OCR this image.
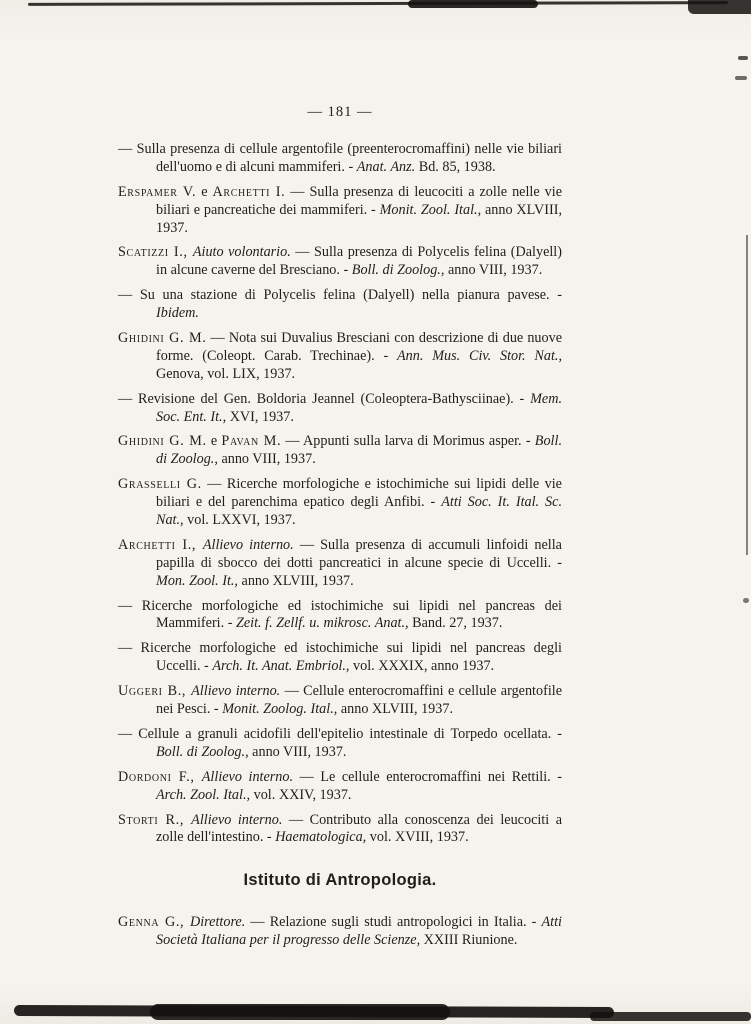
— 181 —

— Sulla presenza di cellule argentofile (preenterocromaffini) nelle vie biliari dell'uomo e di alcuni mammiferi. - Anat. Anz. Bd. 85, 1938.

Erspamer V. e Archetti I. — Sulla presenza di leucociti a zolle nelle vie biliari e pancreatiche dei mammiferi. - Monit. Zool. Ital., anno XLVIII, 1937.

Scatizzi I., Aiuto volontario. — Sulla presenza di Polycelis felina (Dalyell) in alcune caverne del Bresciano. - Boll. di Zoolog., anno VIII, 1937.

— Su una stazione di Polycelis felina (Dalyell) nella pianura pavese. - Ibidem.

Ghidini G. M. — Nota sui Duvalius Bresciani con descrizione di due nuove forme. (Coleopt. Carab. Trechinae). - Ann. Mus. Civ. Stor. Nat., Genova, vol. LIX, 1937.

— Revisione del Gen. Boldoria Jeannel (Coleoptera-Bathysciinae). - Mem. Soc. Ent. It., XVI, 1937.

Ghidini G. M. e Pavan M. — Appunti sulla larva di Morimus asper. - Boll. di Zoolog., anno VIII, 1937.

Grasselli G. — Ricerche morfologiche e istochimiche sui lipidi delle vie biliari e del parenchima epatico degli Anfibi. - Atti Soc. It. Ital. Sc. Nat., vol. LXXVI, 1937.

Archetti I., Allievo interno. — Sulla presenza di accumuli linfoidi nella papilla di sbocco dei dotti pancreatici in alcune specie di Uccelli. - Mon. Zool. It., anno XLVIII, 1937.

— Ricerche morfologiche ed istochimiche sui lipidi nel pancreas dei Mammiferi. - Zeit. f. Zellf. u. mikrosc. Anat., Band. 27, 1937.

— Ricerche morfologiche ed istochimiche sui lipidi nel pancreas degli Uccelli. - Arch. It. Anat. Embriol., vol. XXXIX, anno 1937.

Uggeri B., Allievo interno. — Cellule enterocromaffini e cellule argentofile nei Pesci. - Monit. Zoolog. Ital., anno XLVIII, 1937.

— Cellule a granuli acidofili dell'epitelio intestinale di Torpedo ocellata. - Boll. di Zoolog., anno VIII, 1937.

Dordoni F., Allievo interno. — Le cellule enterocromaffini nei Rettili. - Arch. Zool. Ital., vol. XXIV, 1937.

Storti R., Allievo interno. — Contributo alla conoscenza dei leucociti a zolle dell'intestino. - Haematologica, vol. XVIII, 1937.

Istituto di Antropologia.

Genna G., Direttore. — Relazione sugli studi antropologici in Italia. - Atti Società Italiana per il progresso delle Scienze, XXIII Riunione.
